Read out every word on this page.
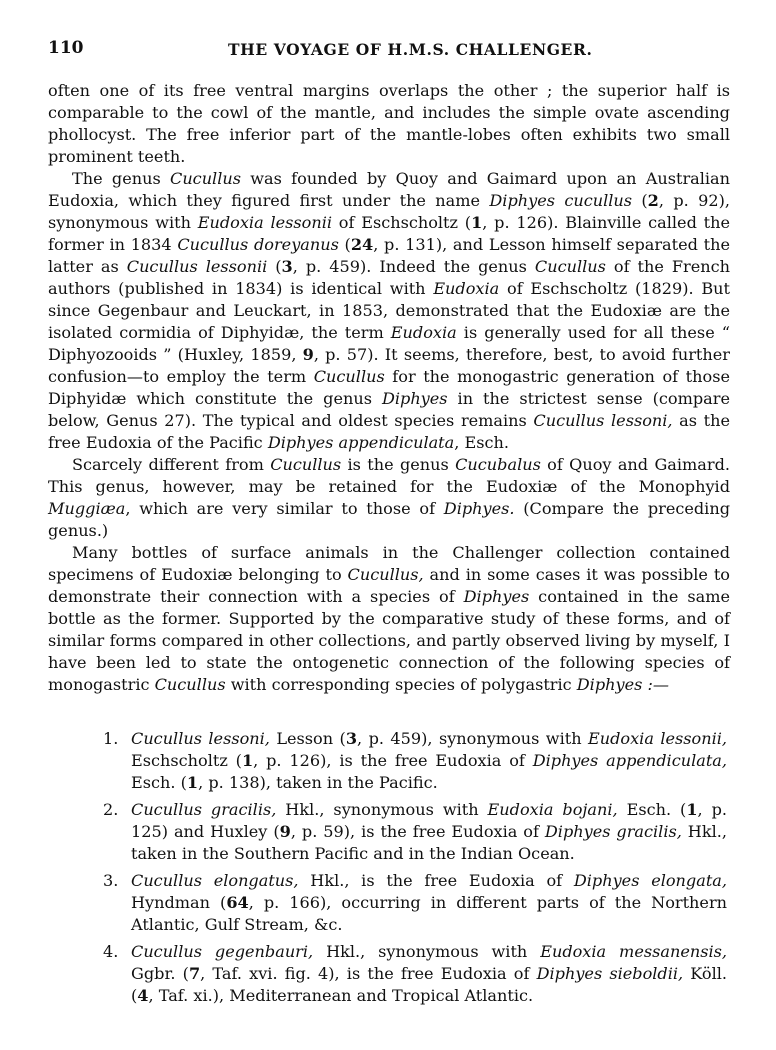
110	THE VOYAGE OF H.M.S. CHALLENGER.

often one of its free ventral margins overlaps the other ; the superior half is comparable to the cowl of the mantle, and includes the simple ovate ascending phollocyst. The free inferior part of the mantle-lobes often exhibits two small prominent teeth.

The genus Cucullus was founded by Quoy and Gaimard upon an Australian Eudoxia, which they figured first under the name Diphyes cucullus (2, p. 92), synonymous with Eudoxia lessonii of Eschscholtz (1, p. 126). Blainville called the former in 1834 Cucullus doreyanus (24, p. 131), and Lesson himself separated the latter as Cucullus lessonii (3, p. 459). Indeed the genus Cucullus of the French authors (published in 1834) is identical with Eudoxia of Eschscholtz (1829). But since Gegenbaur and Leuckart, in 1853, demonstrated that the Eudoxiæ are the isolated cormidia of Diphyidæ, the term Eudoxia is generally used for all these “ Diphyozooids ” (Huxley, 1859, 9, p. 57). It seems, therefore, best, to avoid further confusion—to employ the term Cucullus for the monogastric generation of those Diphyidæ which constitute the genus Diphyes in the strictest sense (compare below, Genus 27). The typical and oldest species remains Cucullus lessoni, as the free Eudoxia of the Pacific Diphyes appendiculata, Esch.

Scarcely different from Cucullus is the genus Cucubalus of Quoy and Gaimard. This genus, however, may be retained for the Eudoxiæ of the Monophyid Muggiæa, which are very similar to those of Diphyes. (Compare the preceding genus.)

Many bottles of surface animals in the Challenger collection contained specimens of Eudoxiæ belonging to Cucullus, and in some cases it was possible to demonstrate their connection with a species of Diphyes contained in the same bottle as the former. Supported by the comparative study of these forms, and of similar forms compared in other collections, and partly observed living by myself, I have been led to state the ontogenetic connection of the following species of monogastric Cucullus with corresponding species of polygastric Diphyes :—

1. Cucullus lessoni, Lesson (3, p. 459), synonymous with Eudoxia lessonii, Eschscholtz (1, p. 126), is the free Eudoxia of Diphyes appendiculata, Esch. (1, p. 138), taken in the Pacific.
2. Cucullus gracilis, Hkl., synonymous with Eudoxia bojani, Esch. (1, p. 125) and Huxley (9, p. 59), is the free Eudoxia of Diphyes gracilis, Hkl., taken in the Southern Pacific and in the Indian Ocean.
3. Cucullus elongatus, Hkl., is the free Eudoxia of Diphyes elongata, Hyndman (64, p. 166), occurring in different parts of the Northern Atlantic, Gulf Stream, &c.
4. Cucullus gegenbauri, Hkl., synonymous with Eudoxia messanensis, Ggbr. (7, Taf. xvi. fig. 4), is the free Eudoxia of Diphyes sieboldii, Köll. (4, Taf. xi.), Mediterranean and Tropical Atlantic.
